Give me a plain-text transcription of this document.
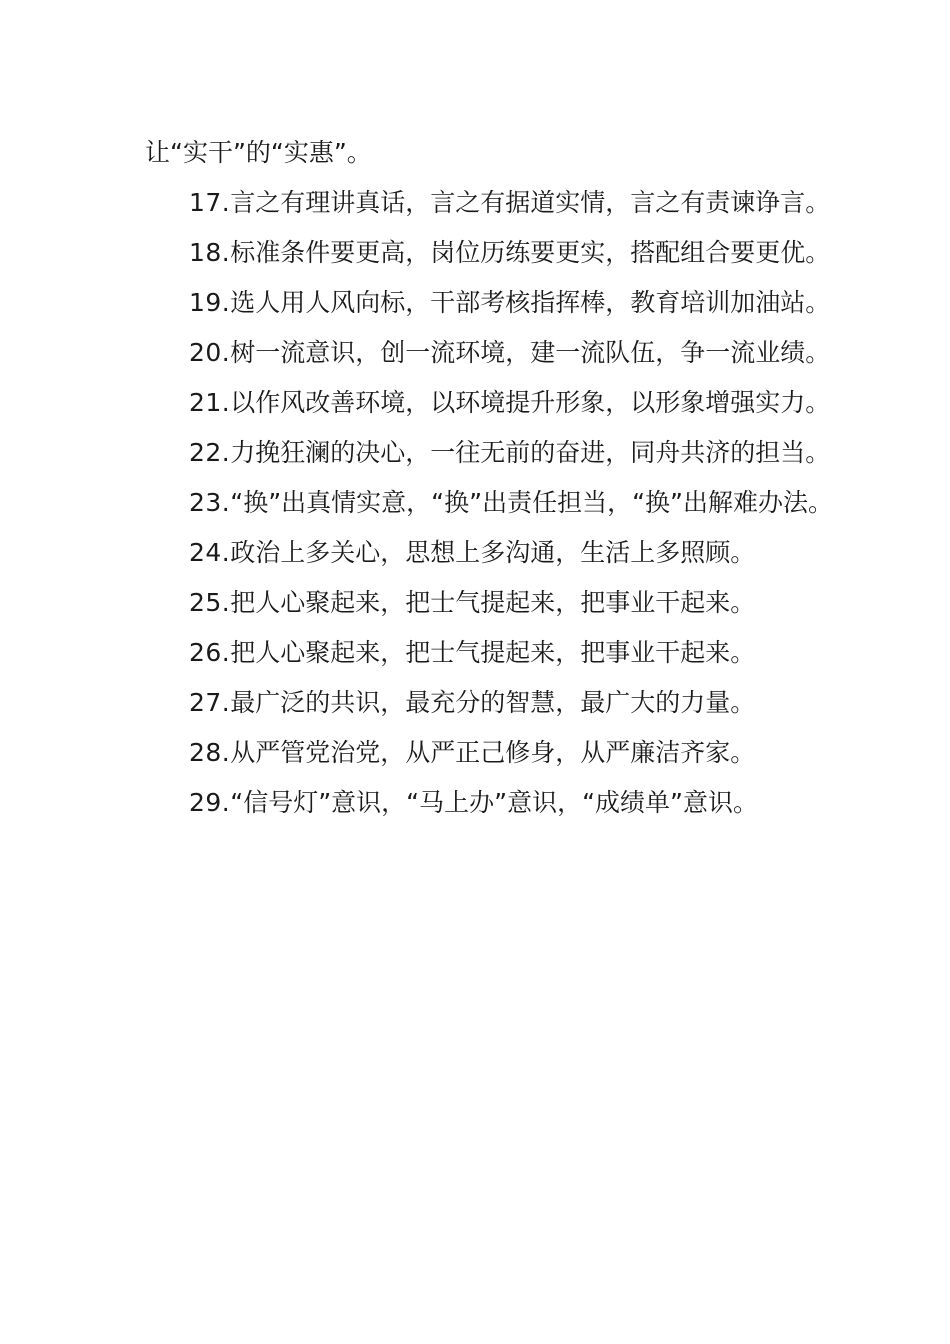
让“实干”的“实惠”。

17.言之有理讲真话，言之有据道实情，言之有责谏诤言。

18.标准条件要更高，岗位历练要更实，搭配组合要更优。

19.选人用人风向标，干部考核指挥棒，教育培训加油站。

20.树一流意识，创一流环境，建一流队伍，争一流业绩。

21.以作风改善环境，以环境提升形象，以形象增强实力。

22.力挽狂澜的决心，一往无前的奋进，同舟共济的担当。

23.“换”出真情实意，“换”出责任担当，“换”出解难办法。

24.政治上多关心，思想上多沟通，生活上多照顾。

25.把人心聚起来，把士气提起来，把事业干起来。

26.把人心聚起来，把士气提起来，把事业干起来。

27.最广泛的共识，最充分的智慧，最广大的力量。

28.从严管党治党，从严正己修身，从严廉洁齐家。

29.“信号灯”意识，“马上办”意识，“成绩单”意识。
